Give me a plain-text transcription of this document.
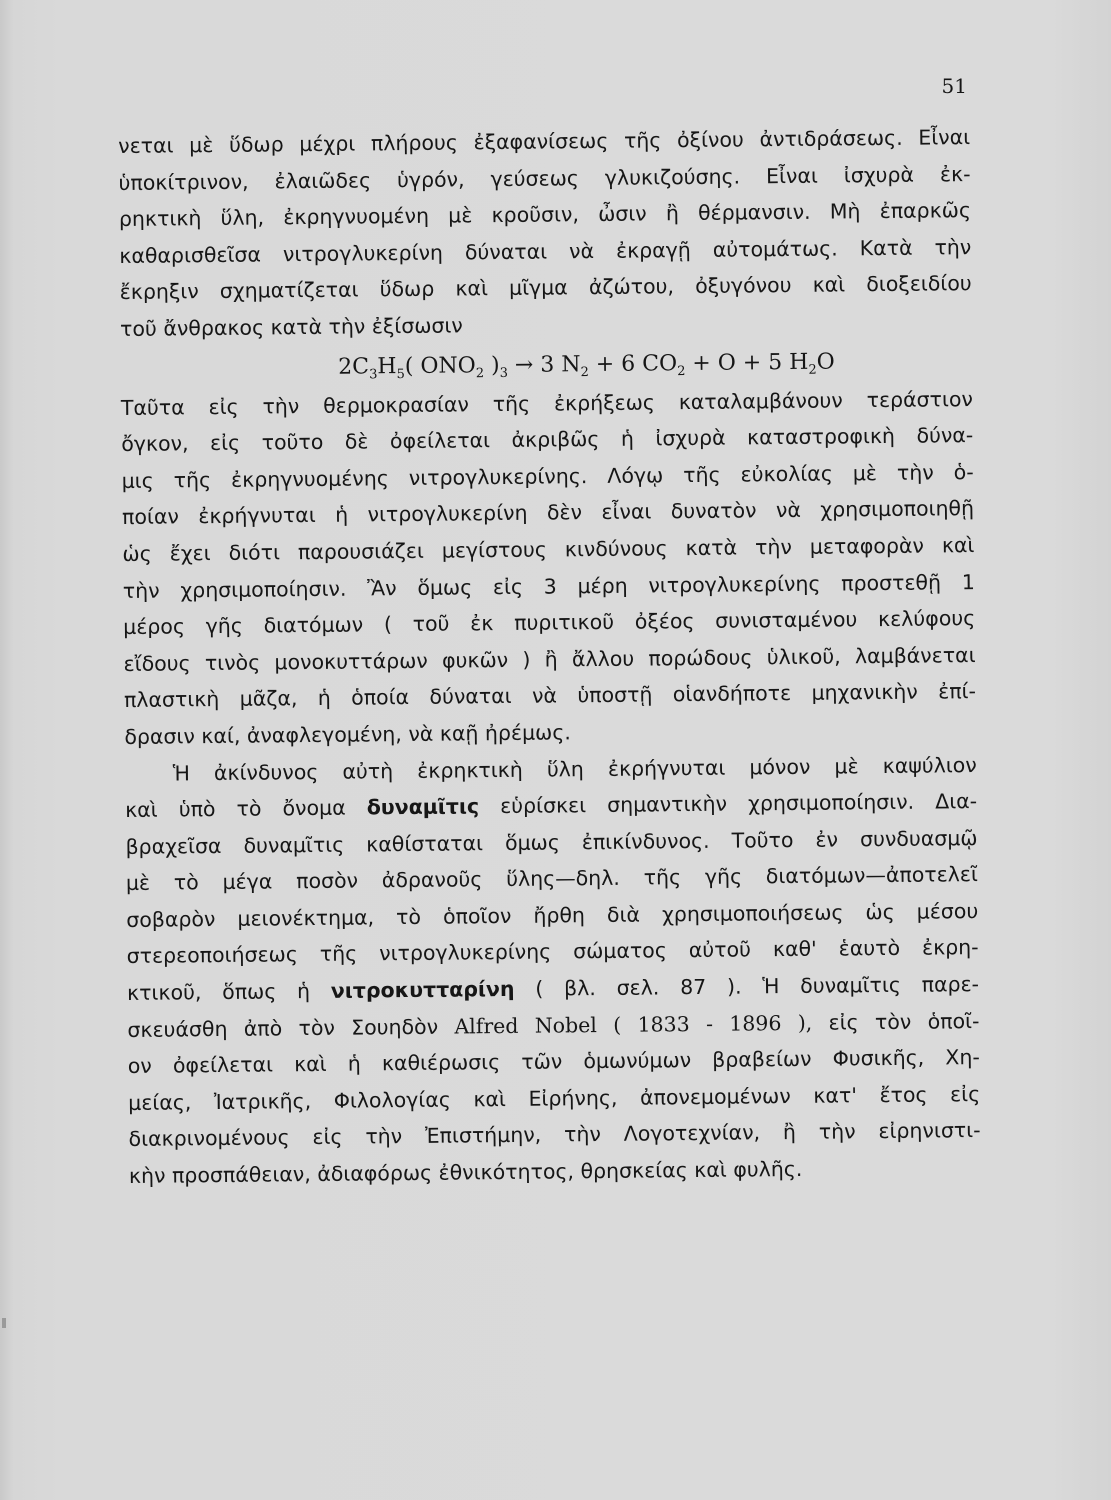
51
νεται μὲ ὕδωρ μέχρι πλήρους ἐξαφανίσεως τῆς ὀξίνου ἀντιδράσεως. Εἶναι
ὑποκίτρινον, ἐλαιῶδες ὑγρόν, γεύσεως γλυκιζούσης. Εἶναι ἰσχυρὰ ἐκ-
ρηκτικὴ ὕλη, ἐκρηγνυομένη μὲ κροῦσιν, ὦσιν ἢ θέρμανσιν. Μὴ ἐπαρκῶς
καθαρισθεῖσα νιτρογλυκερίνη δύναται νὰ ἐκραγῇ αὐτομάτως. Κατὰ τὴν
ἔκρηξιν σχηματίζεται ὕδωρ καὶ μῖγμα ἀζώτου, ὀξυγόνου καὶ διοξειδίου
τοῦ ἄνθρακος κατὰ τὴν ἐξίσωσιν
$2C_3H_5$( $ONO_2$ )$_3 \to 3$ $N_2 + 6$ $CO_2 + O + 5$ $H_2O$
Ταῦτα εἰς τὴν θερμοκρασίαν τῆς ἐκρήξεως καταλαμβάνουν τεράστιον
ὄγκον, εἰς τοῦτο δὲ ὀφείλεται ἀκριβῶς ἡ ἰσχυρὰ καταστροφικὴ δύνα-
μις τῆς ἐκρηγνυομένης νιτρογλυκερίνης. Λόγῳ τῆς εὐκολίας μὲ τὴν ὁ-
ποίαν ἐκρήγνυται ἡ νιτρογλυκερίνη δὲν εἶναι δυνατὸν νὰ χρησιμοποιηθῇ
ὡς ἔχει διότι παρουσιάζει μεγίστους κινδύνους κατὰ τὴν μεταφορὰν καὶ
τὴν χρησιμοποίησιν. Ἂν ὅμως εἰς 3 μέρη νιτρογλυκερίνης προστεθῇ 1
μέρος γῆς διατόμων ( τοῦ ἐκ πυριτικοῦ ὀξέος συνισταμένου κελύφους
εἴδους τινὸς μονοκυττάρων φυκῶν ) ἢ ἄλλου πορώδους ὑλικοῦ, λαμβάνεται
πλαστικὴ μᾶζα, ἡ ὁποία δύναται νὰ ὑποστῇ οἱανδήποτε μηχανικὴν ἐπί-
δρασιν καί, ἀναφλεγομένη, νὰ καῇ ἠρέμως.
Ἡ ἀκίνδυνος αὐτὴ ἐκρηκτικὴ ὕλη ἐκρήγνυται μόνον μὲ καψύλιον
καὶ ὑπὸ τὸ ὄνομα δυναμῖτις εὑρίσκει σημαντικὴν χρησιμοποίησιν. Δια-
βραχεῖσα δυναμῖτις καθίσταται ὅμως ἐπικίνδυνος. Τοῦτο ἐν συνδυασμῷ
μὲ τὸ μέγα ποσὸν ἀδρανοῦς ὕλης—δηλ. τῆς γῆς διατόμων—ἀποτελεῖ
σοβαρὸν μειονέκτημα, τὸ ὁποῖον ἤρθη διὰ χρησιμοποιήσεως ὡς μέσου
στερεοποιήσεως τῆς νιτρογλυκερίνης σώματος αὐτοῦ καθ' ἑαυτὸ ἐκρη-
κτικοῦ, ὅπως ἡ νιτροκυτταρίνη ( βλ. σελ. 87 ). Ἡ δυναμῖτις παρε-
σκευάσθη ἀπὸ τὸν Σουηδὸν Alfred Nobel ( 1833 - 1896 ), εἰς τὸν ὁποῖ-
ον ὀφείλεται καὶ ἡ καθιέρωσις τῶν ὁμωνύμων βραβείων Φυσικῆς, Χη-
μείας, Ἰατρικῆς, Φιλολογίας καὶ Εἰρήνης, ἀπονεμομένων κατ' ἔτος εἰς
διακρινομένους εἰς τὴν Ἐπιστήμην, τὴν Λογοτεχνίαν, ἢ τὴν εἰρηνιστι-
κὴν προσπάθειαν, ἀδιαφόρως ἐθνικότητος, θρησκείας καὶ φυλῆς.
